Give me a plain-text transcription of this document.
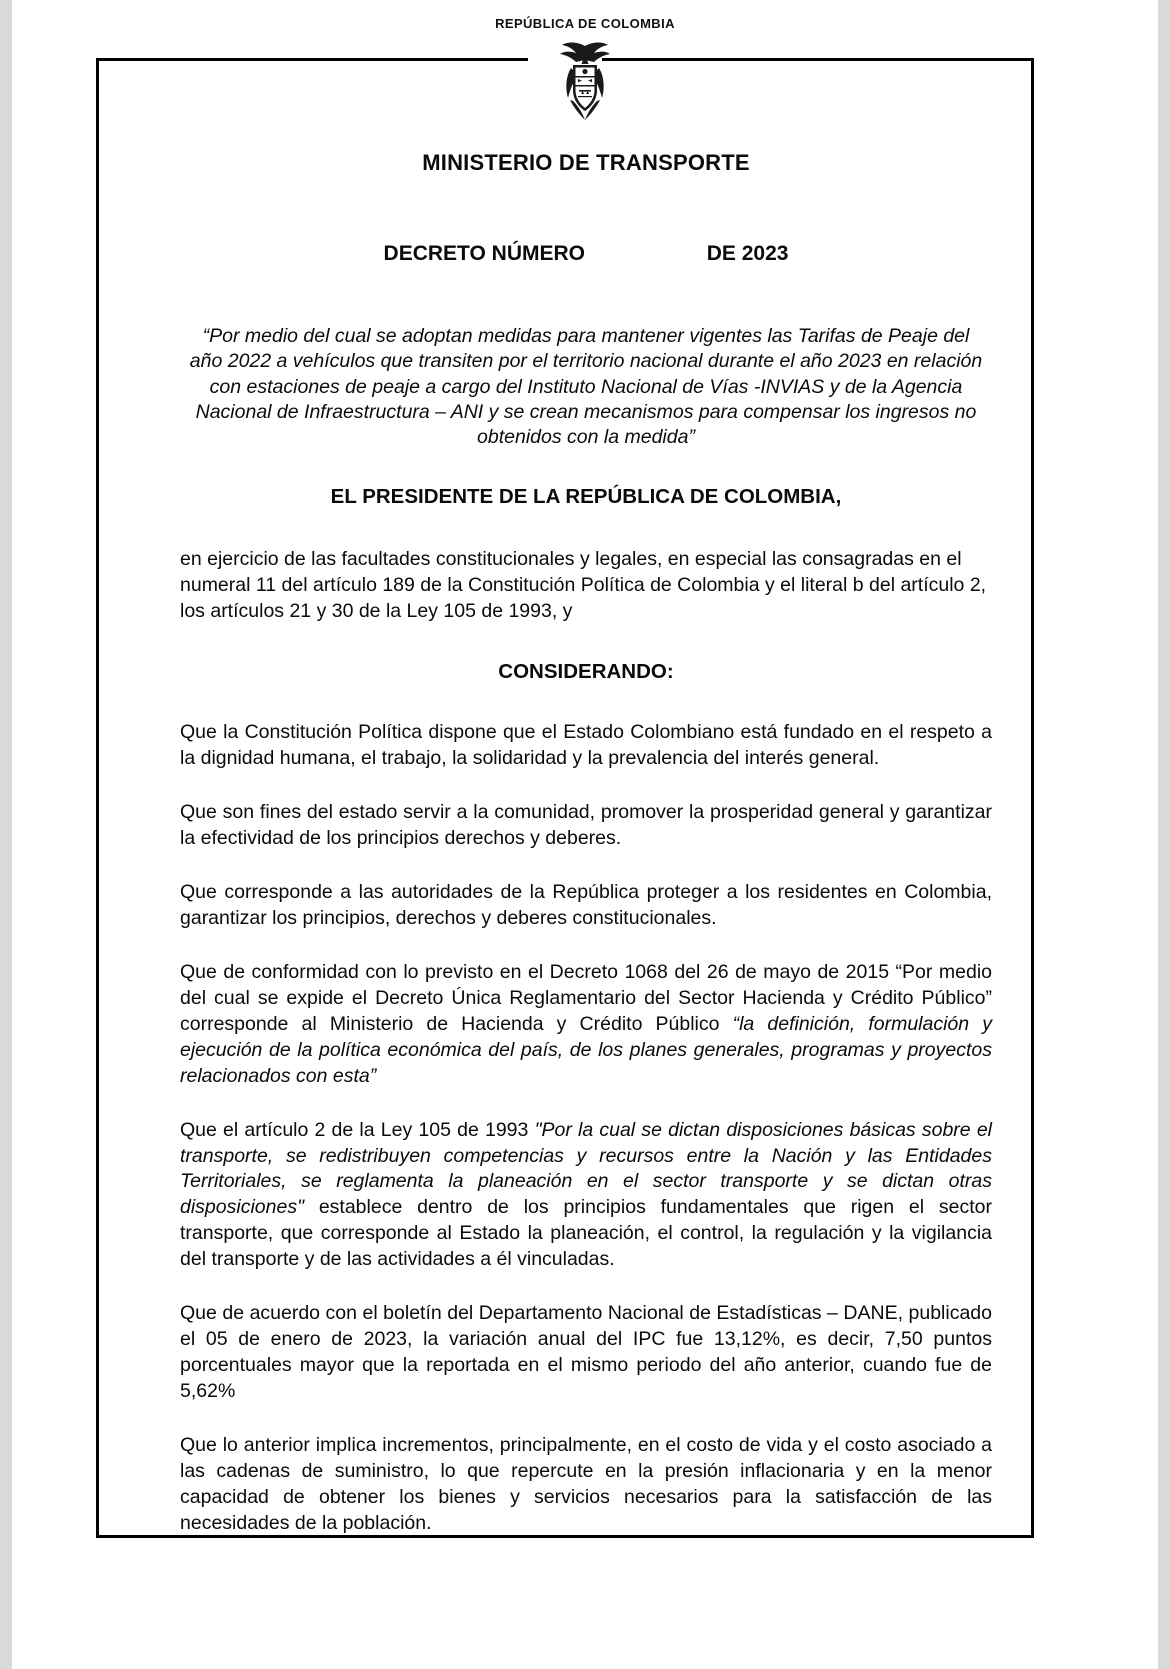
REPÚBLICA DE COLOMBIA
MINISTERIO DE TRANSPORTE
DECRETO NÚMERO	DE 2023
“Por medio del cual se adoptan medidas para mantener vigentes las Tarifas de Peaje del año 2022 a vehículos que transiten por el territorio nacional durante el año 2023 en relación con estaciones de peaje a cargo del Instituto Nacional de Vías -INVIAS y de la Agencia Nacional de Infraestructura – ANI y se crean mecanismos para compensar los ingresos no obtenidos con la medida”
EL PRESIDENTE DE LA REPÚBLICA DE COLOMBIA,
en ejercicio de las facultades constitucionales y legales, en especial las consagradas en el numeral 11 del artículo 189 de la Constitución Política de Colombia y el literal b del artículo 2, los artículos 21 y 30 de la Ley 105 de 1993, y
CONSIDERANDO:

Que la Constitución Política dispone que el Estado Colombiano está fundado en el respeto a la dignidad humana, el trabajo, la solidaridad y la prevalencia del interés general.

Que son fines del estado servir a la comunidad, promover la prosperidad general y garantizar la efectividad de los principios derechos y deberes.

Que corresponde a las autoridades de la República proteger a los residentes en Colombia, garantizar los principios, derechos y deberes constitucionales.

Que de conformidad con lo previsto en el Decreto 1068 del 26 de mayo de 2015 “Por medio del cual se expide el Decreto Única Reglamentario del Sector Hacienda y Crédito Público” corresponde al Ministerio de Hacienda y Crédito Público “la definición, formulación y ejecución de la política económica del país, de los planes generales, programas y proyectos relacionados con esta”

Que el artículo 2 de la Ley 105 de 1993 "Por la cual se dictan disposiciones básicas sobre el transporte, se redistribuyen competencias y recursos entre la Nación y las Entidades Territoriales, se reglamenta la planeación en el sector transporte y se dictan otras disposiciones" establece dentro de los principios fundamentales que rigen el sector transporte, que corresponde al Estado la planeación, el control, la regulación y la vigilancia del transporte y de las actividades a él vinculadas.

Que de acuerdo con el boletín del Departamento Nacional de Estadísticas – DANE, publicado el 05 de enero de 2023, la variación anual del IPC fue 13,12%, es decir, 7,50 puntos porcentuales mayor que la reportada en el mismo periodo del año anterior, cuando fue de 5,62%

Que lo anterior implica incrementos, principalmente, en el costo de vida y el costo asociado a las cadenas de suministro, lo que repercute en la presión inflacionaria y en la menor capacidad de obtener los bienes y servicios necesarios para la satisfacción de las necesidades de la población.
